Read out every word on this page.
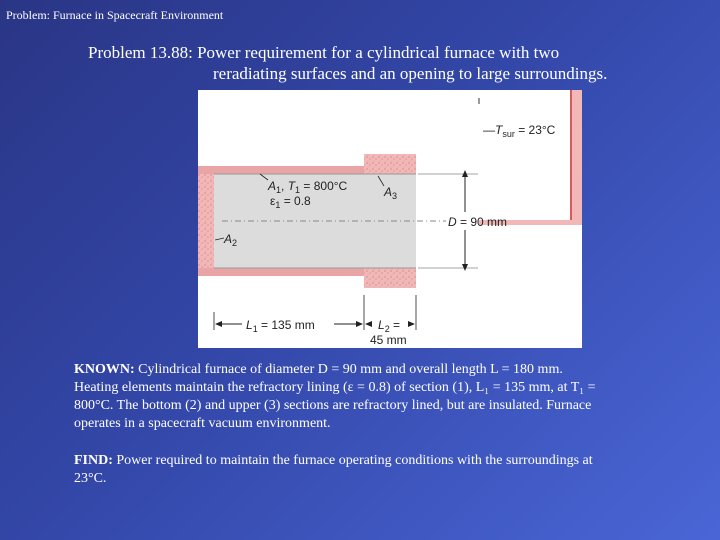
Problem: Furnace in Spacecraft Environment
Problem 13.88: Power requirement for a cylindrical furnace with two
reradiating surfaces and an opening to large surroundings.
$—T_{sur} = 23^\circ C$
D = 90 mm
$A_1$, $T_1 = 800^\circ C$
$\varepsilon_1 = 0.8$
$A_3$
$A_2$
$L_1 = 135$ mm	$L_2$ =
45 mm
KNOWN: Cylindrical furnace of diameter D = 90 mm and overall length L = 180 mm.
Heating elements maintain the refractory lining (ε = 0.8) of section (1), L₁ = 135 mm, at T₁ =
800°C. The bottom (2) and upper (3) sections are refractory lined, but are insulated. Furnace
operates in a spacecraft vacuum environment.
FIND: Power required to maintain the furnace operating conditions with the surroundings at
23°C.
